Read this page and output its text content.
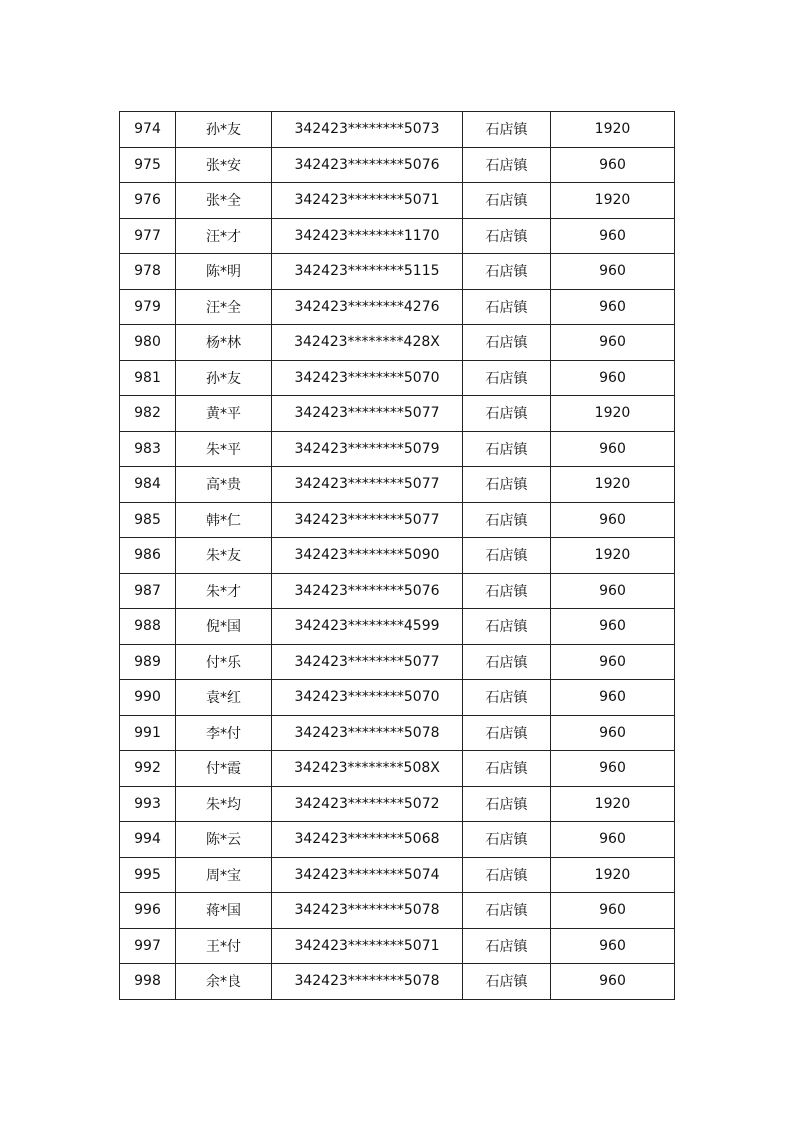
974	孙*友	342423********5073	石店镇	1920
975	张*安	342423********5076	石店镇	960
976	张*全	342423********5071	石店镇	1920
977	汪*才	342423********1170	石店镇	960
978	陈*明	342423********5115	石店镇	960
979	汪*全	342423********4276	石店镇	960
980	杨*林	342423********428X	石店镇	960
981	孙*友	342423********5070	石店镇	960
982	黄*平	342423********5077	石店镇	1920
983	朱*平	342423********5079	石店镇	960
984	高*贵	342423********5077	石店镇	1920
985	韩*仁	342423********5077	石店镇	960
986	朱*友	342423********5090	石店镇	1920
987	朱*才	342423********5076	石店镇	960
988	倪*国	342423********4599	石店镇	960
989	付*乐	342423********5077	石店镇	960
990	袁*红	342423********5070	石店镇	960
991	李*付	342423********5078	石店镇	960
992	付*霞	342423********508X	石店镇	960
993	朱*均	342423********5072	石店镇	1920
994	陈*云	342423********5068	石店镇	960
995	周*宝	342423********5074	石店镇	1920
996	蒋*国	342423********5078	石店镇	960
997	王*付	342423********5071	石店镇	960
998	余*良	342423********5078	石店镇	960
